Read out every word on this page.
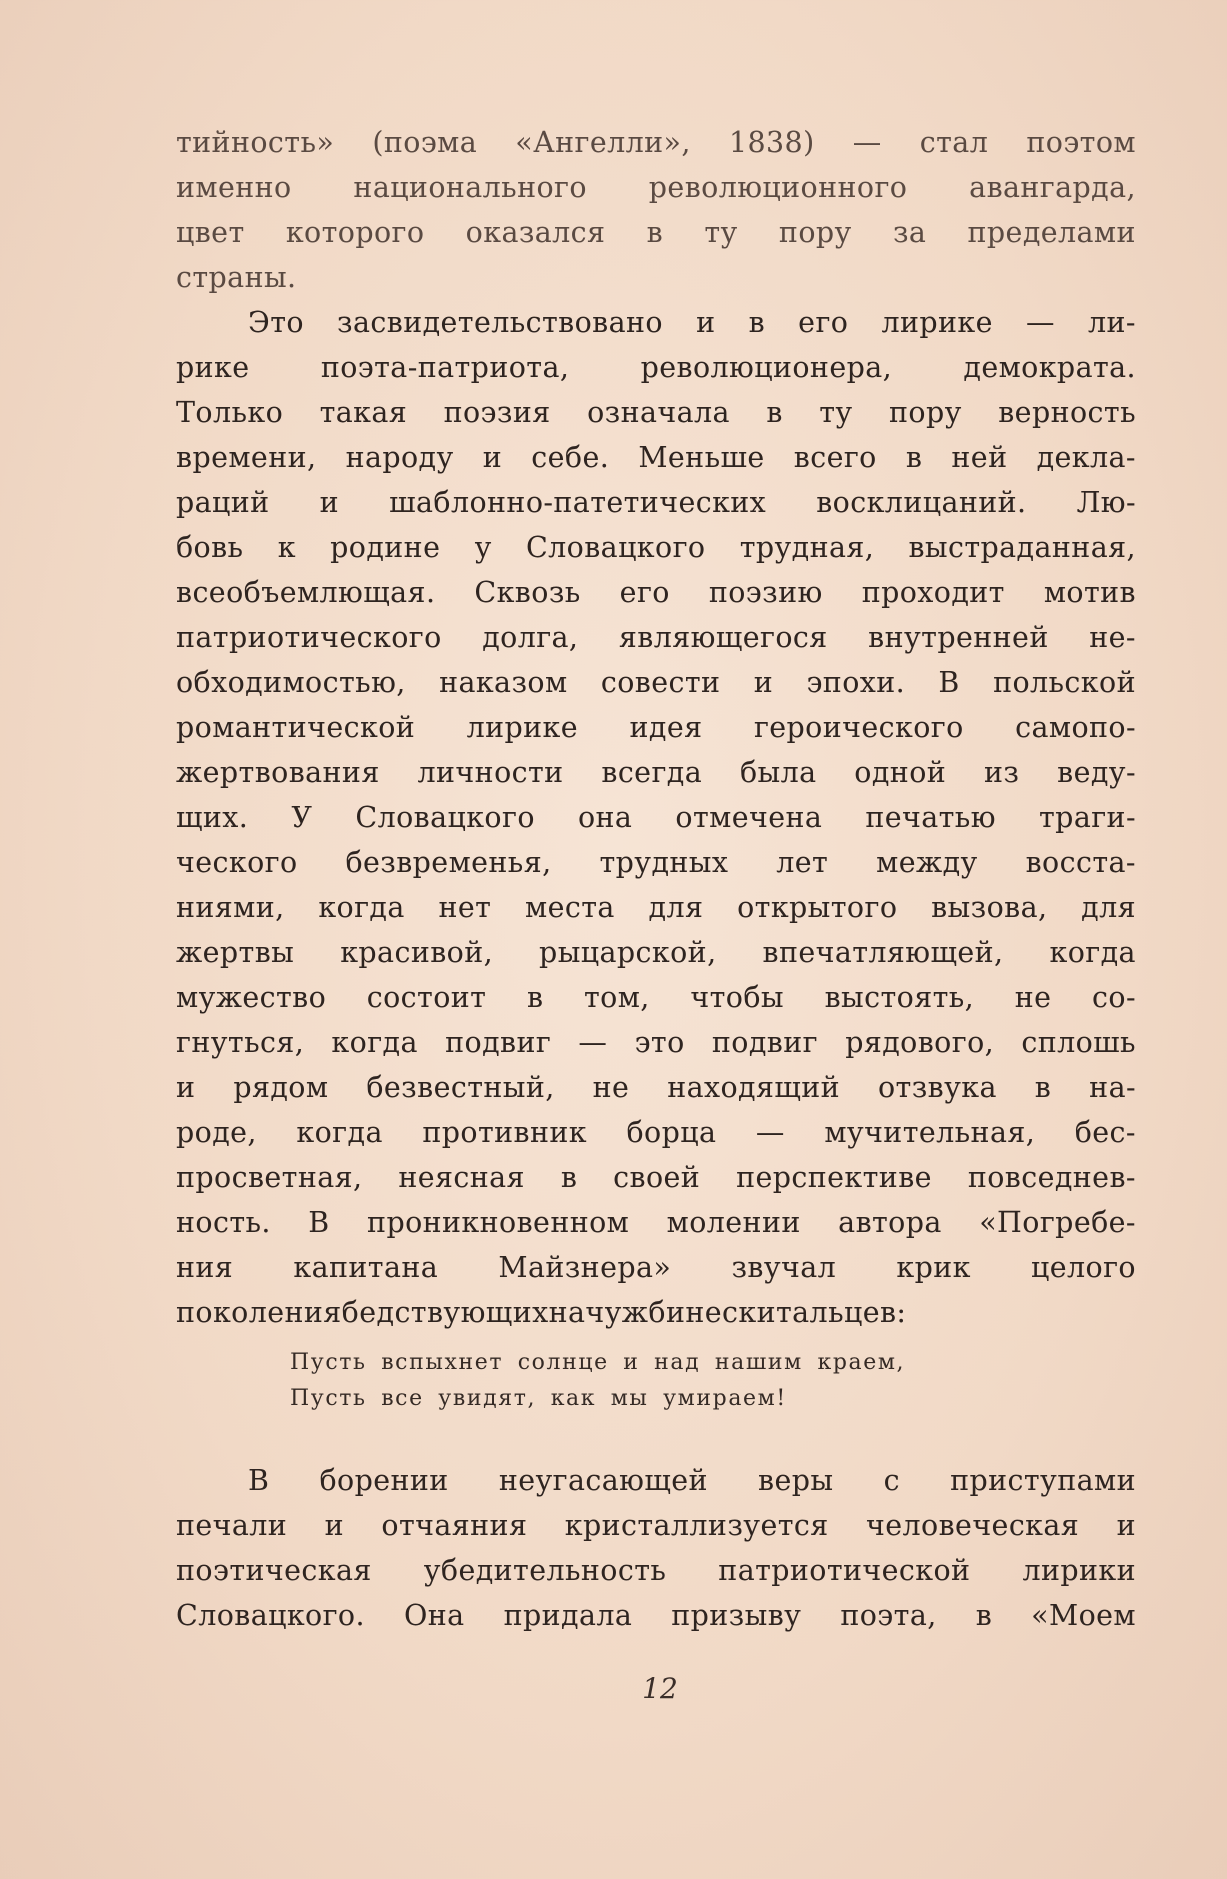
тийность» (поэма «Ангелли», 1838) — стал поэтом
именно национального революционного авангарда,
цвет которого оказался в ту пору за пределами
страны.
Это засвидетельствовано и в его лирике — ли-
рике	поэта-патриота,	революционера,	демократа.
Только такая поэзия означала в ту пору верность
времени, народу и себе. Меньше всего в ней декла-
раций и шаблонно-патетических восклицаний. Лю-
бовь к родине у Словацкого трудная, выстраданная,
всеобъемлющая. Сквозь его поэзию проходит мотив
патриотического долга, являющегося внутренней не-
обходимостью, наказом совести и эпохи. В польской
романтической лирике идея героического самопо-
жертвования личности всегда была одной из веду-
щих. У Словацкого она отмечена печатью траги-
ческого безвременья, трудных лет между восста-
ниями, когда нет места для открытого вызова, для
жертвы красивой, рыцарской, впечатляющей, когда
мужество состоит в том, чтобы выстоять, не со-
гнуться, когда подвиг — это подвиг рядового, сплошь
и рядом безвестный, не находящий отзвука в на-
роде, когда противник борца — мучительная, бес-
просветная, неясная в своей перспективе повседнев-
ность. В проникновенном молении автора «Погребе-
ния капитана Майзнера» звучал крик целого
поколения бедствующих на чужбине скитальцев:
Пусть вспыхнет солнце и над нашим краем,
Пусть все увидят, как мы умираем!
В борении неугасающей веры с приступами
печали и отчаяния кристаллизуется человеческая и
поэтическая убедительность патриотической лирики
Словацкого. Она придала призыву поэта, в «Моем
12
